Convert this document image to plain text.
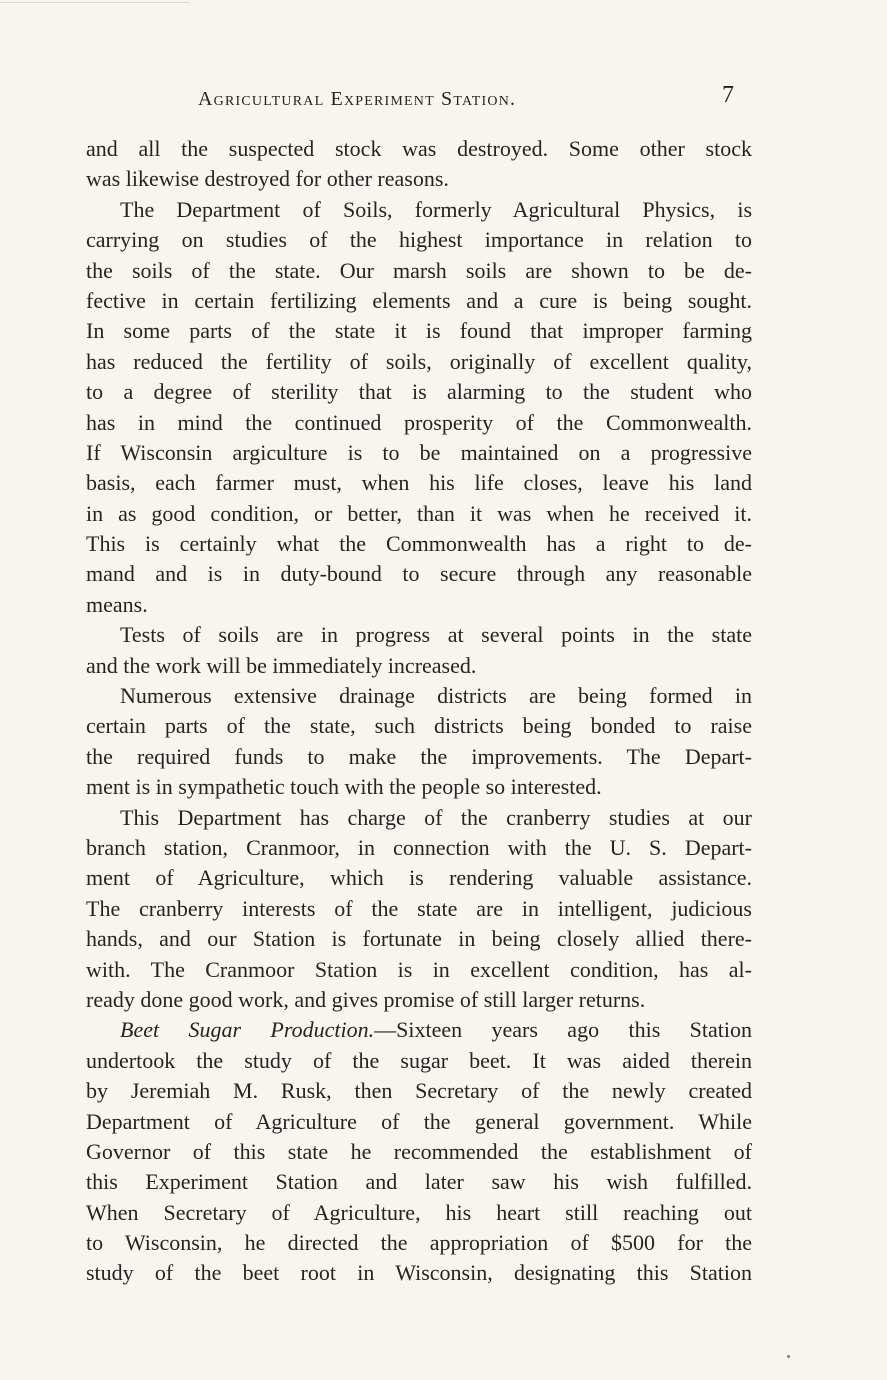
Agricultural Experiment Station.	7
and all the suspected stock was destroyed. Some other stock
was likewise destroyed for other reasons.
The Department of Soils, formerly Agricultural Physics, is
carrying on studies of the highest importance in relation to
the soils of the state. Our marsh soils are shown to be de-
fective in certain fertilizing elements and a cure is being sought.
In some parts of the state it is found that improper farming
has reduced the fertility of soils, originally of excellent quality,
to a degree of sterility that is alarming to the student who
has in mind the continued prosperity of the Commonwealth.
If Wisconsin argiculture is to be maintained on a progressive
basis, each farmer must, when his life closes, leave his land
in as good condition, or better, than it was when he received it.
This is certainly what the Commonwealth has a right to de-
mand and is in duty-bound to secure through any reasonable
means.
Tests of soils are in progress at several points in the state
and the work will be immediately increased.
Numerous extensive drainage districts are being formed in
certain parts of the state, such districts being bonded to raise
the required funds to make the improvements. The Depart-
ment is in sympathetic touch with the people so interested.
This Department has charge of the cranberry studies at our
branch station, Cranmoor, in connection with the U. S. Depart-
ment of Agriculture, which is rendering valuable assistance.
The cranberry interests of the state are in intelligent, judicious
hands, and our Station is fortunate in being closely allied there-
with. The Cranmoor Station is in excellent condition, has al-
ready done good work, and gives promise of still larger returns.
Beet Sugar Production.—Sixteen years ago this Station
undertook the study of the sugar beet. It was aided therein
by Jeremiah M. Rusk, then Secretary of the newly created
Department of Agriculture of the general government. While
Governor of this state he recommended the establishment of
this Experiment Station and later saw his wish fulfilled.
When Secretary of Agriculture, his heart still reaching out
to Wisconsin, he directed the appropriation of $500 for the
study of the beet root in Wisconsin, designating this Station
